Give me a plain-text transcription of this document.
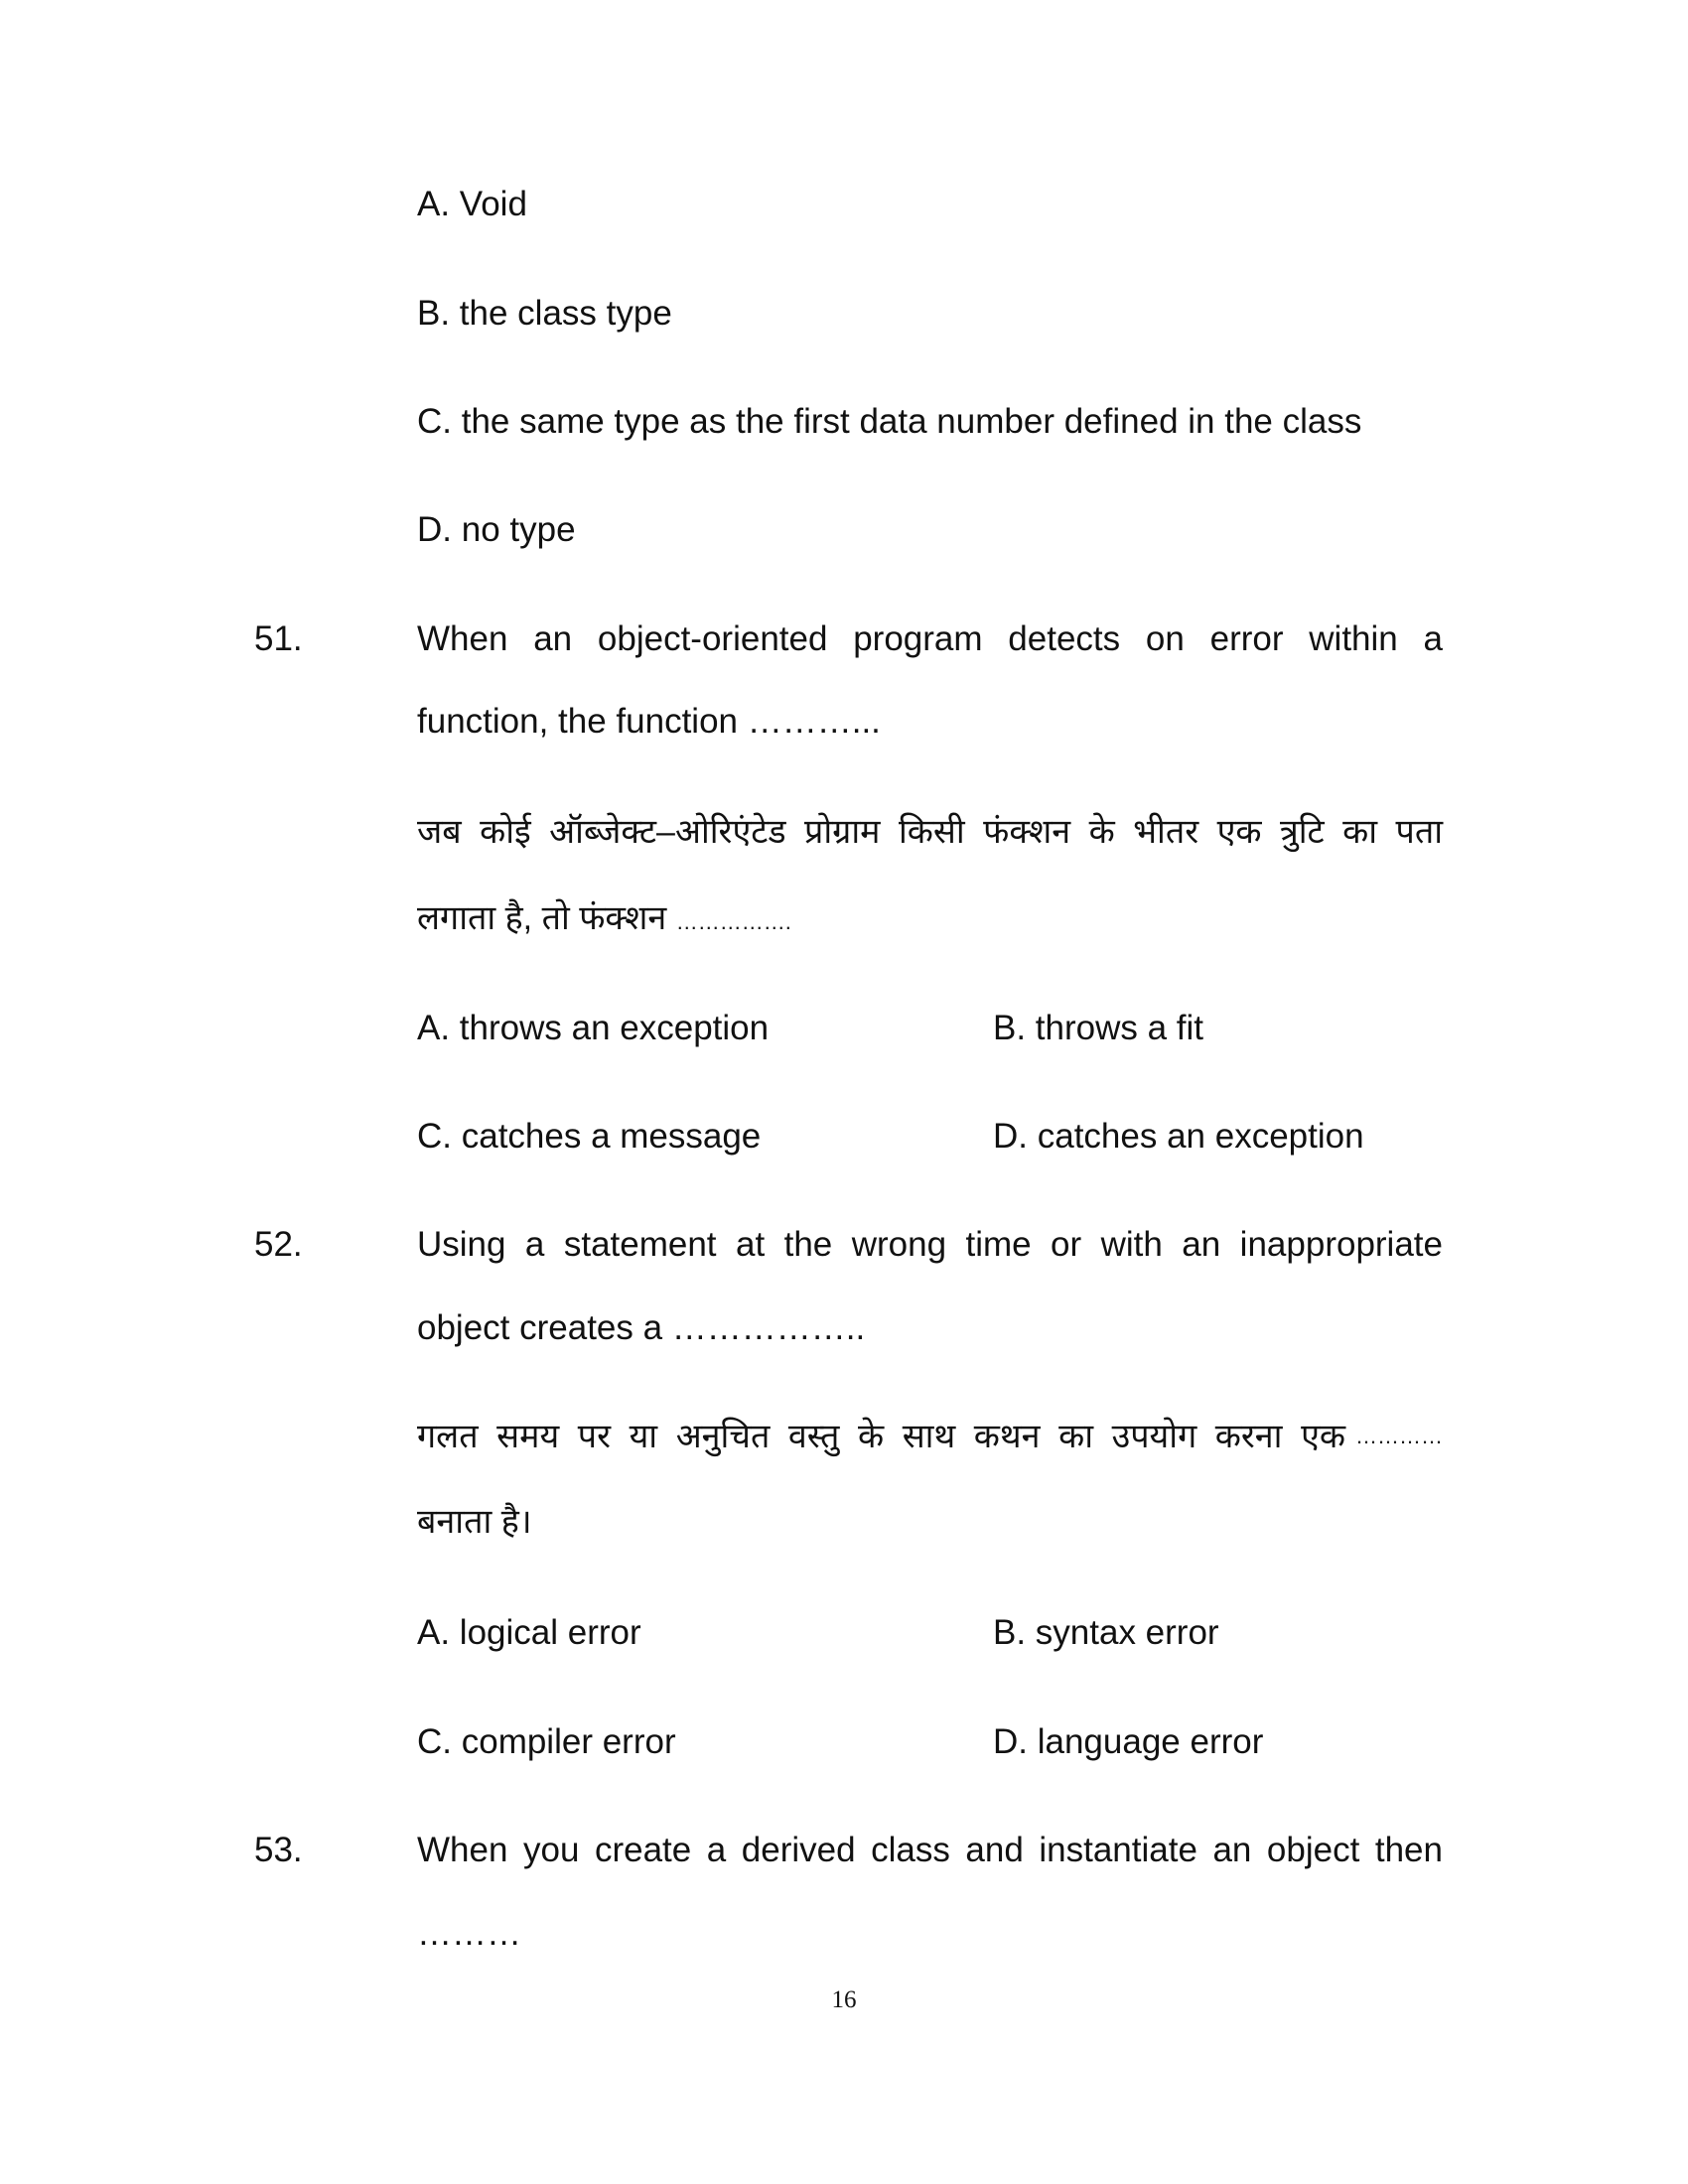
A. Void
B. the class type
C. the same type as the first data number defined in the class
D. no type
51.	When an object-oriented program detects on error within a
function, the function ………...
जब कोई ऑब्जेक्ट–ओरिएंटेड प्रोग्राम किसी फंक्शन के भीतर एक त्रुटि का पता
लगाता है, तो फंक्शन …………….
A. throws an exception	B. throws a fit
C. catches a message	D. catches an exception
52.	Using a statement at the wrong time or with an inappropriate
object creates a ……………..
गलत समय पर या अनुचित वस्तु के साथ कथन का उपयोग करना एक …………
बनाता है।
A. logical error	B. syntax error
C. compiler error	D. language error
53.	When you create a derived class and instantiate an object then
………
16
